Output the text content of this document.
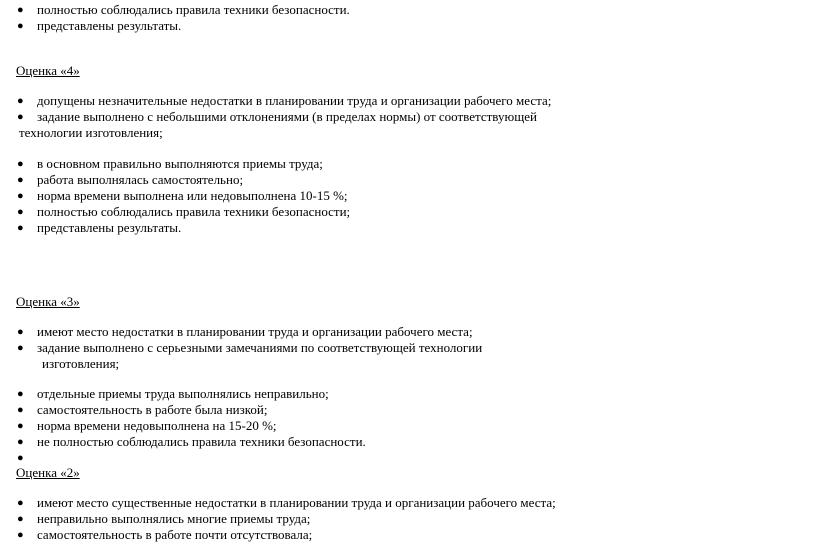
● полностью соблюдались правила техники безопасности.
● представлены результаты.
Оценка «4»
● допущены незначительные недостатки в планировании труда и организации рабочего места;
● задание выполнено с небольшими отклонениями (в пределах нормы) от соответствующей
технологии изготовления;
● в основном правильно выполняются приемы труда;
● работа выполнялась самостоятельно;
● норма времени выполнена или недовыполнена 10-15 %;
● полностью соблюдались правила техники безопасности;
● представлены результаты.
Оценка «3»
● имеют место недостатки в планировании труда и организации рабочего места;
● задание выполнено с серьезными замечаниями по соответствующей технологии
изготовления;
● отдельные приемы труда выполнялись неправильно;
● самостоятельность в работе была низкой;
● норма времени недовыполнена на 15-20 %;
● не полностью соблюдались правила техники безопасности.
●
Оценка «2»
● имеют место существенные недостатки в планировании труда и организации рабочего места;
● неправильно выполнялись многие приемы труда;
● самостоятельность в работе почти отсутствовала;
